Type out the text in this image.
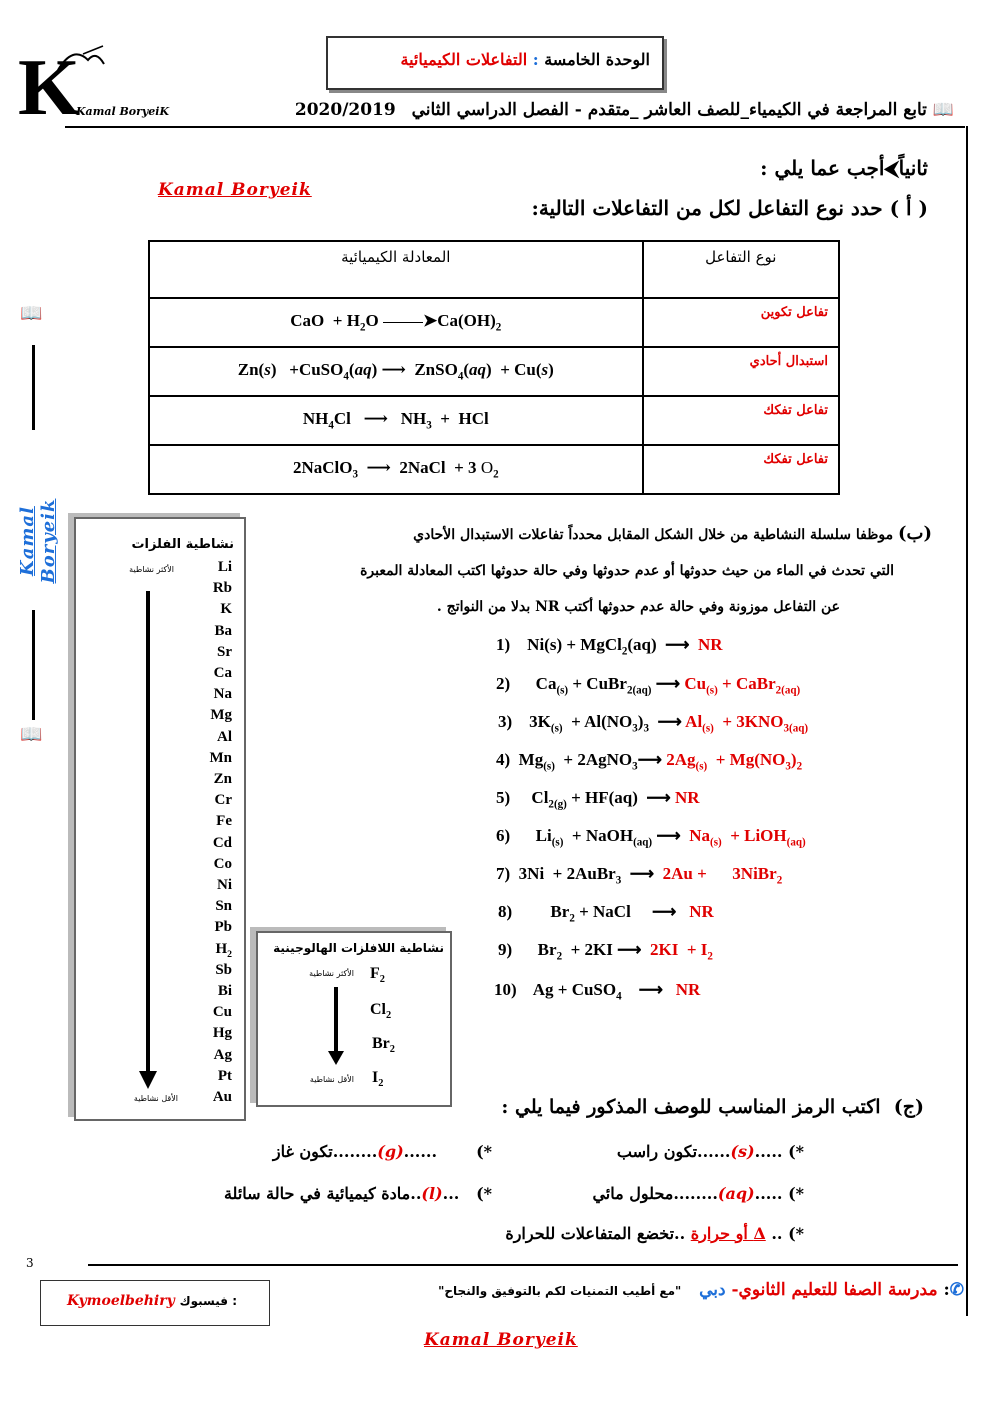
الوحدة الخامسة : التفاعلات الكيميائية
K
Kamal BoryeiK	📖 تابع المراجعة في الكيمياء_للصف العاشر _متقدم - الفصل الدراسي الثاني 2020/2019
📖
Kamal Boryeik
📖
ثانياً⮜أجب عما يلي :
Kamal Boryeik
( أ ) حدد نوع التفاعل لكل من التفاعلات التالية:
المعادلة الكيميائية	نوع التفاعل
CaO  + $H_2O$ $➤Ca(OH)_2$	تفاعل تكوين
Zn(s)   +CuSO$_4$(aq) ⟶  ZnSO$_4$(aq)  + Cu(s)	استبدال أحادي
$NH_4Cl$   ⟶   $NH_3$  +  HCl	تفاعل تفكك
2NaClO$_3$  ⟶  2NaCl  + 3 $O_2$	تفاعل تفكك
(ب) موظفا سلسلة النشاطية من خلال الشكل المقابل محدداً تفاعلات الاستبدال الأحادي
التي تحدث في الماء من حيث حدوثها أو عدم حدوثها وفي حالة حدوثها اكتب المعادلة المعبرة
عن التفاعل موزونة وفي حالة عدم حدوثها أكتب NR بدلا من النواتج .
نشاطية الفلزات
الأكثر نشاطية
الأقل نشاطية
Li
Rb
K
Ba
Sr
Ca
Na
Mg
Al
Mn
Zn
Cr
Fe
Cd
Co
Ni
Sn
Pb
$H_2$
Sb
Bi
Cu
Hg
Ag
Pt
Au
نشاطية اللافلزات الهالوجينية
الأكثر نشاطية
الأقل نشاطية
$F_2$
$Cl_2$
$Br_2$
$I_2$
1)    Ni(s) + MgCl$_2$(aq)  ⟶  NR
2)      $Ca_{(s)}$ + CuBr$_{2(aq)}$ ⟶ $Cu_{(s)}$ + CaBr$_{2(aq)}$
3)    $3K_{(s)} + Al(NO_3)_3$  ⟶ $Al_{(s)} + 3KNO_{3(aq)}$
4)  $Mg_{(s)}$  + 2AgNO$_3$⟶ $2Ag_{(s)} + Mg(NO_3)_2$
5)     $Cl_{2(g)} + HF(aq)$  ⟶ NR
6)      $Li_{(s)}$  + NaOH$_{(aq)}$ ⟶  $Na_{(s)}$  + LiOH$_{(aq)}$
7)  3Ni  + 2AuBr$_3$  ⟶  2Au +      3NiBr$_2$
8)         $Br_2$ + NaCl     ⟶   NR
9)      $Br_2 + 2KI$ ⟶  $2KI + I_2$
10)    Ag + CuSO$_4$    ⟶   NR
(ج)  اكتب الرمز المناسب للوصف المذكور فيما يلي :
*) .....(s)......تكون راسب
*)       ......(g)........تكون غاز
*) .....(aq)........محلول مائي
*)   ...(l)..مادة كيميائية في حالة سائلة
*) .. Δ أو حرارة ..تخضع المتفاعلات للحرارة
3
Kymoelbehiry فيسبوك :
✆: مدرسة الصفا للتعليم الثانوي- دبي   "مع أطيب التمنيات لكم بالتوفيق والنجاح"
Kamal Boryeik
